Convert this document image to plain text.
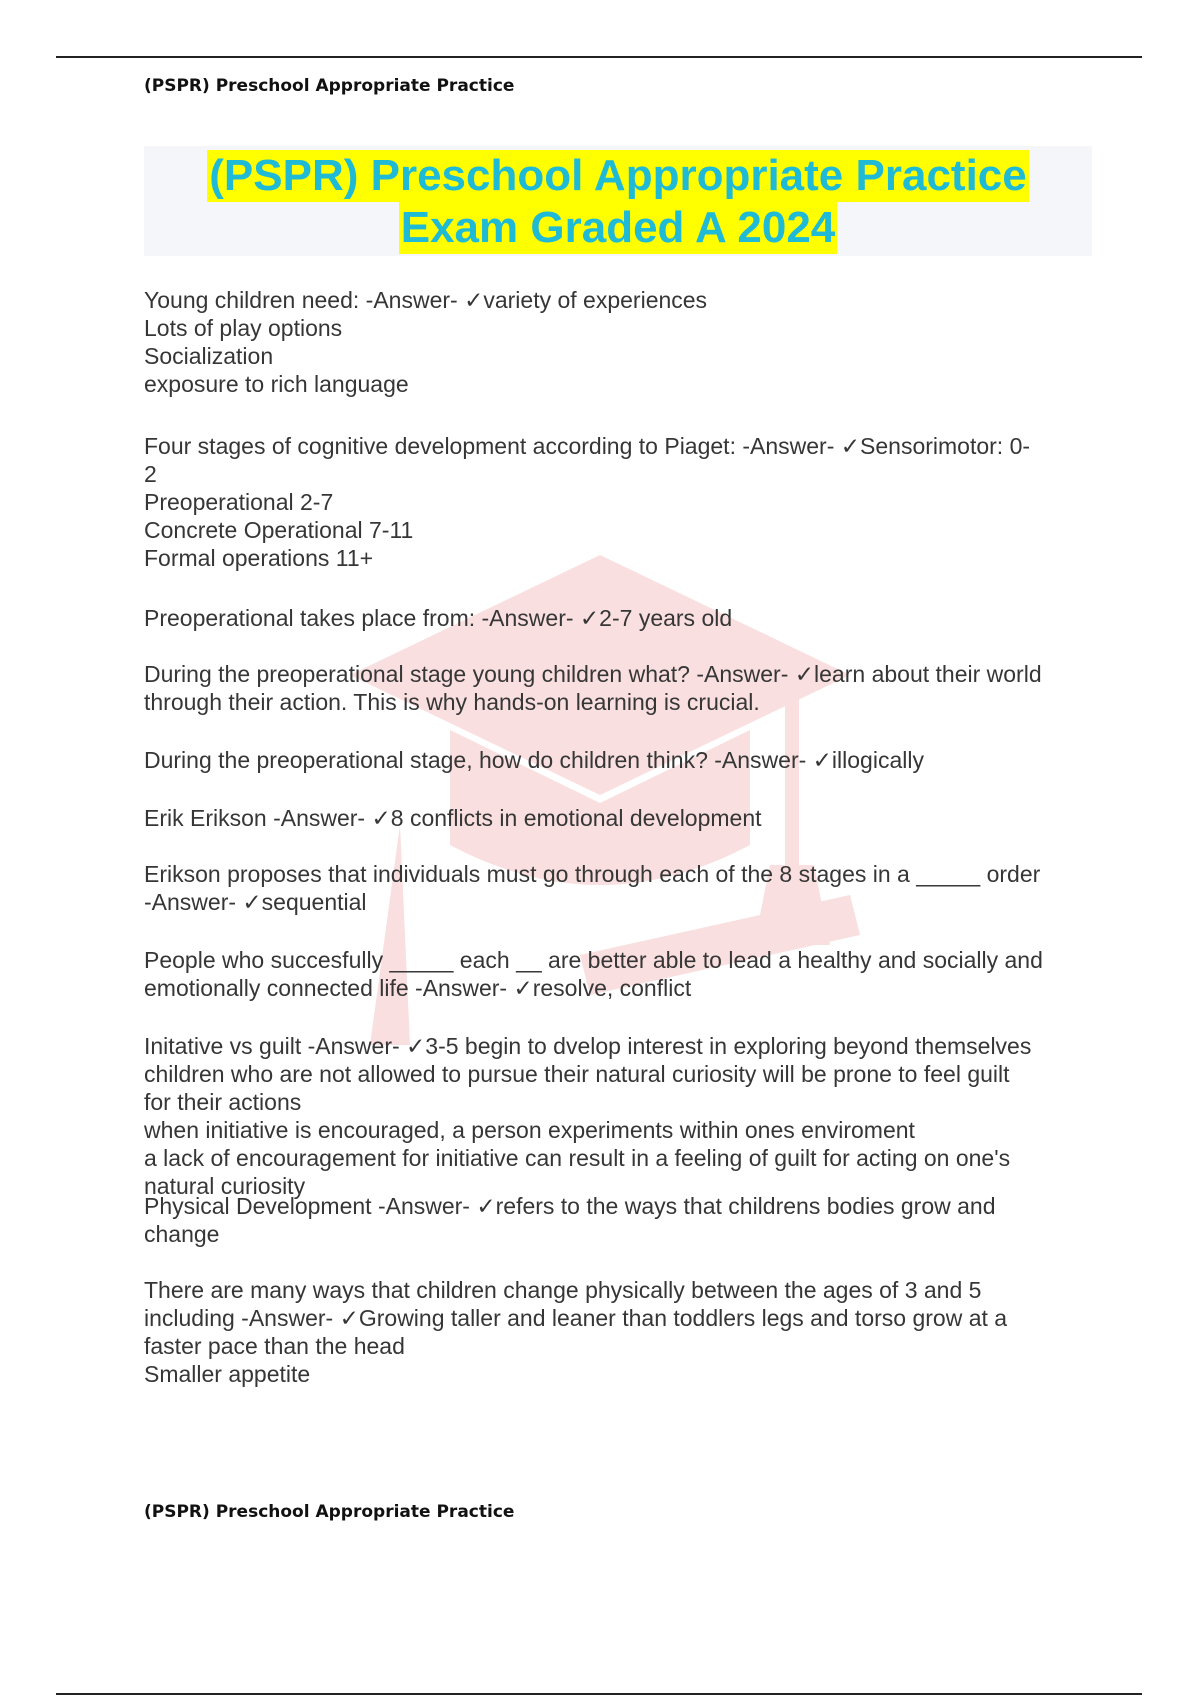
(PSPR) Preschool Appropriate Practice

(PSPR) Preschool Appropriate Practice

Exam Graded A 2024

Young children need: -Answer- ✓variety of experiences
Lots of play options
Socialization
exposure to rich language
Four stages of cognitive development according to Piaget: -Answer- ✓Sensorimotor: 0-
2
Preoperational 2-7
Concrete Operational 7-11
Formal operations 11+
Preoperational takes place from: -Answer- ✓2-7 years old
During the preoperational stage young children what? -Answer- ✓learn about their world
through their action. This is why hands-on learning is crucial.
During the preoperational stage, how do children think? -Answer- ✓illogically
Erik Erikson -Answer- ✓8 conflicts in emotional development
Erikson proposes that individuals must go through each of the 8 stages in a _____ order
-Answer- ✓sequential
People who succesfully _____ each __ are better able to lead a healthy and socially and
emotionally connected life -Answer- ✓resolve, conflict
Initative vs guilt -Answer- ✓3-5 begin to dvelop interest in exploring beyond themselves
children who are not allowed to pursue their natural curiosity will be prone to feel guilt
for their actions
when initiative is encouraged, a person experiments within ones enviroment
a lack of encouragement for initiative can result in a feeling of guilt for acting on one's
natural curiosity
Physical Development -Answer- ✓refers to the ways that childrens bodies grow and
change
There are many ways that children change physically between the ages of 3 and 5
including -Answer- ✓Growing taller and leaner than toddlers legs and torso grow at a
faster pace than the head
Smaller appetite
(PSPR) Preschool Appropriate Practice
